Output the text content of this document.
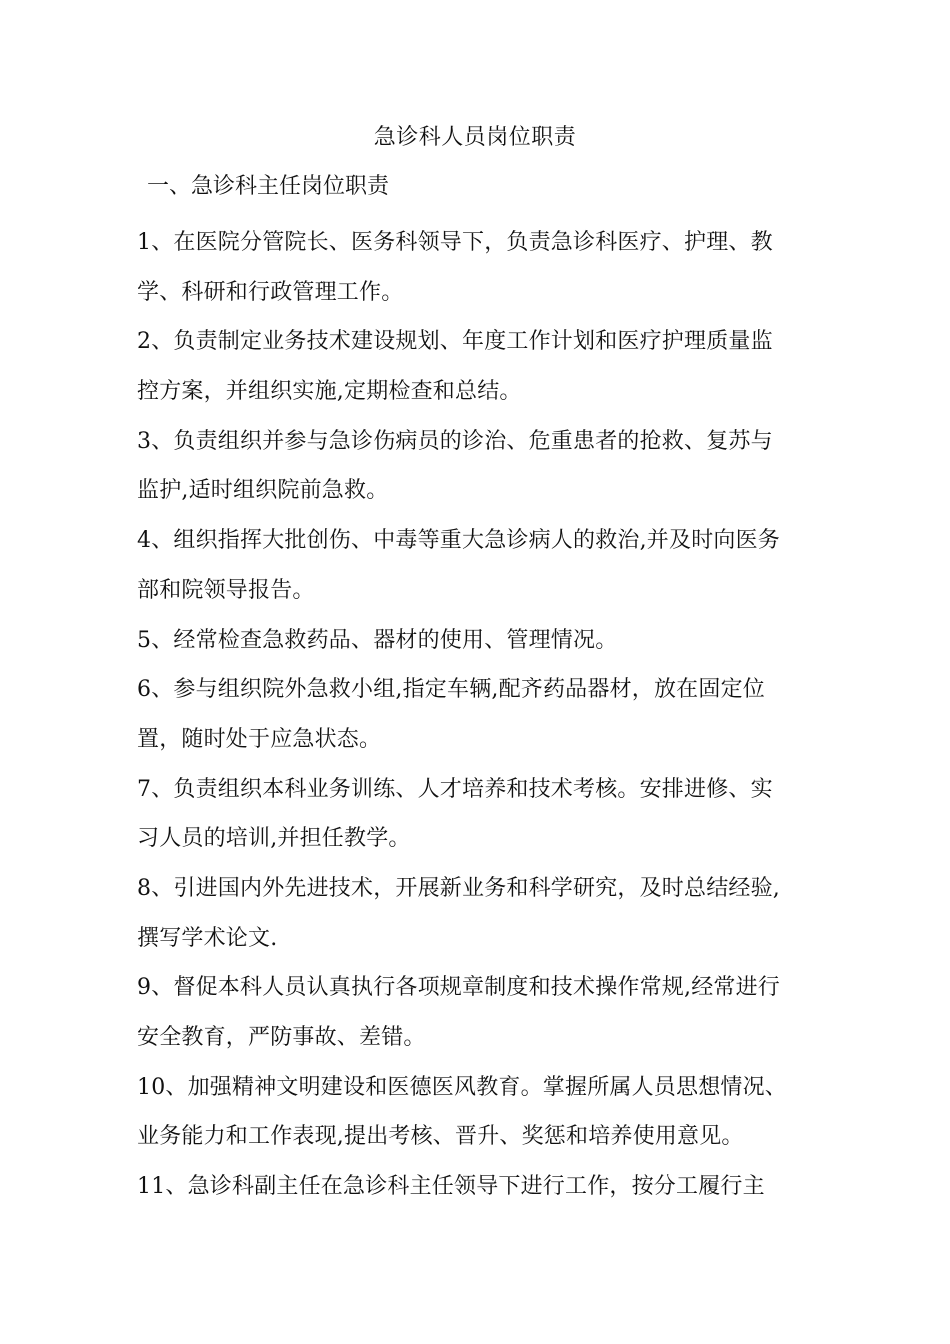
急诊科人员岗位职责
一、急诊科主任岗位职责
1、在医院分管院长、医务科领导下，负责急诊科医疗、护理、教
学、科研和行政管理工作。
2、负责制定业务技术建设规划、年度工作计划和医疗护理质量监
控方案，并组织实施,定期检查和总结。
3、负责组织并参与急诊伤病员的诊治、危重患者的抢救、复苏与
监护,适时组织院前急救。
4、组织指挥大批创伤、中毒等重大急诊病人的救治,并及时向医务
部和院领导报告。
5、经常检查急救药品、器材的使用、管理情况。
6、参与组织院外急救小组,指定车辆,配齐药品器材，放在固定位
置，随时处于应急状态。
7、负责组织本科业务训练、人才培养和技术考核。安排进修、实
习人员的培训,并担任教学。
8、引进国内外先进技术，开展新业务和科学研究，及时总结经验,
撰写学术论文.
9、督促本科人员认真执行各项规章制度和技术操作常规,经常进行
安全教育，严防事故、差错。
10、加强精神文明建设和医德医风教育。掌握所属人员思想情况、
业务能力和工作表现,提出考核、晋升、奖惩和培养使用意见。
11、急诊科副主任在急诊科主任领导下进行工作，按分工履行主
